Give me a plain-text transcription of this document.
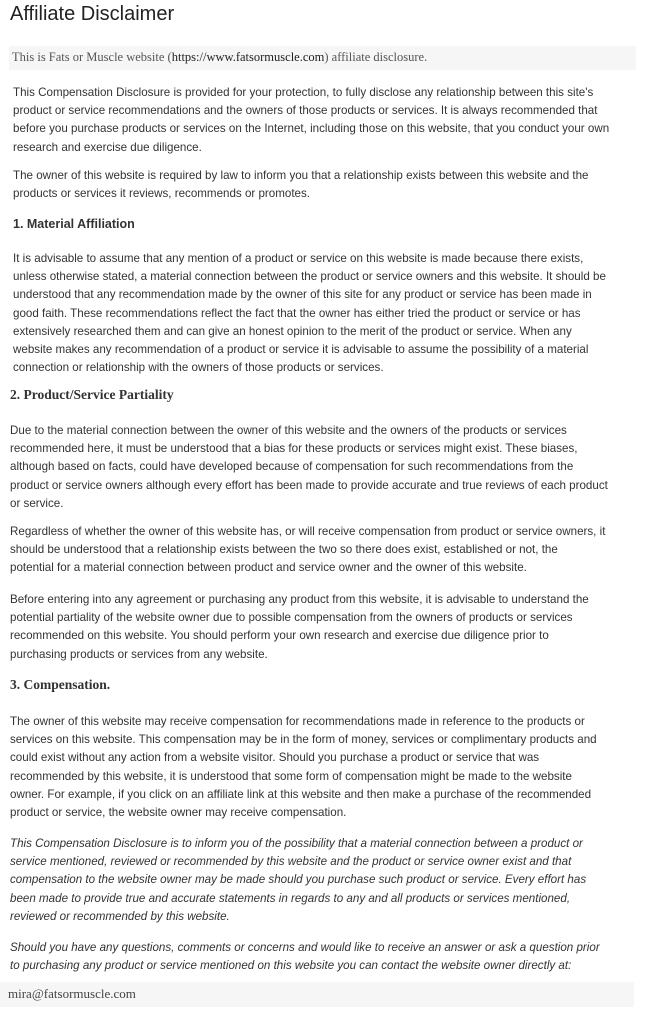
Affiliate Disclaimer

This is Fats or Muscle website (https://www.fatsormuscle.com) affiliate disclosure.

This Compensation Disclosure is provided for your protection, to fully disclose any relationship between this site's
product or service recommendations and the owners of those products or services. It is always recommended that
before you purchase products or services on the Internet, including those on this website, that you conduct your own
research and exercise due diligence.
The owner of this website is required by law to inform you that a relationship exists between this website and the
products or services it reviews, recommends or promotes.
1. Material Affiliation
It is advisable to assume that any mention of a product or service on this website is made because there exists,
unless otherwise stated, a material connection between the product or service owners and this website. It should be
understood that any recommendation made by the owner of this site for any product or service has been made in
good faith. These recommendations reflect the fact that the owner has either tried the product or service or has
extensively researched them and can give an honest opinion to the merit of the product or service. When any
website makes any recommendation of a product or service it is advisable to assume the possibility of a material
connection or relationship with the owners of those products or services.
2. Product/Service Partiality
Due to the material connection between the owner of this website and the owners of the products or services
recommended here, it must be understood that a bias for these products or services might exist. These biases,
although based on facts, could have developed because of compensation for such recommendations from the
product or service owners although every effort has been made to provide accurate and true reviews of each product
or service.
Regardless of whether the owner of this website has, or will receive compensation from product or service owners, it
should be understood that a relationship exists between the two so there does exist, established or not, the
potential for a material connection between product and service owner and the owner of this website.
Before entering into any agreement or purchasing any product from this website, it is advisable to understand the
potential partiality of the website owner due to possible compensation from the owners of products or services
recommended on this website. You should perform your own research and exercise due diligence prior to
purchasing products or services from any website.
3. Compensation.
The owner of this website may receive compensation for recommendations made in reference to the products or
services on this website. This compensation may be in the form of money, services or complimentary products and
could exist without any action from a website visitor. Should you purchase a product or service that was
recommended by this website, it is understood that some form of compensation might be made to the website
owner. For example, if you click on an affiliate link at this website and then make a purchase of the recommended
product or service, the website owner may receive compensation.
This Compensation Disclosure is to inform you of the possibility that a material connection between a product or
service mentioned, reviewed or recommended by this website and the product or service owner exist and that
compensation to the website owner may be made should you purchase such product or service. Every effort has
been made to provide true and accurate statements in regards to any and all products or services mentioned,
reviewed or recommended by this website.
Should you have any questions, comments or concerns and would like to receive an answer or ask a question prior
to purchasing any product or service mentioned on this website you can contact the website owner directly at:

mira@fatsormuscle.com
